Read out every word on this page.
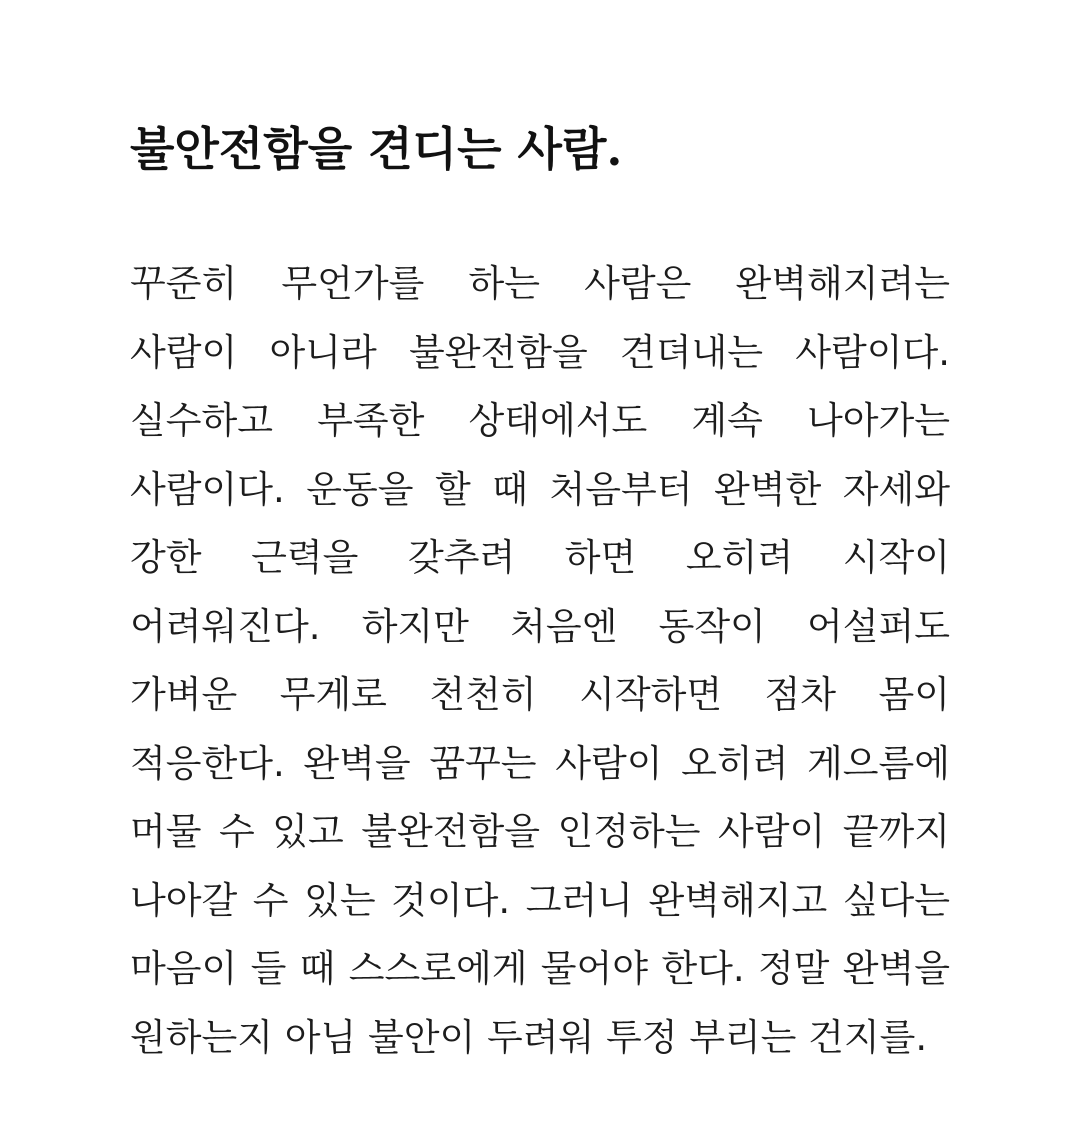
불안전함을 견디는 사람.
꾸준히 무언가를 하는 사람은 완벽해지려는
사람이 아니라 불완전함을 견뎌내는 사람이다.
실수하고 부족한 상태에서도 계속 나아가는
사람이다. 운동을 할 때 처음부터 완벽한 자세와
강한 근력을 갖추려 하면 오히려 시작이
어려워진다. 하지만 처음엔 동작이 어설퍼도
가벼운 무게로 천천히 시작하면 점차 몸이
적응한다. 완벽을 꿈꾸는 사람이 오히려 게으름에
머물 수 있고 불완전함을 인정하는 사람이 끝까지
나아갈 수 있는 것이다. 그러니 완벽해지고 싶다는
마음이 들 때 스스로에게 물어야 한다. 정말 완벽을
원하는지 아님 불안이 두려워 투정 부리는 건지를.
